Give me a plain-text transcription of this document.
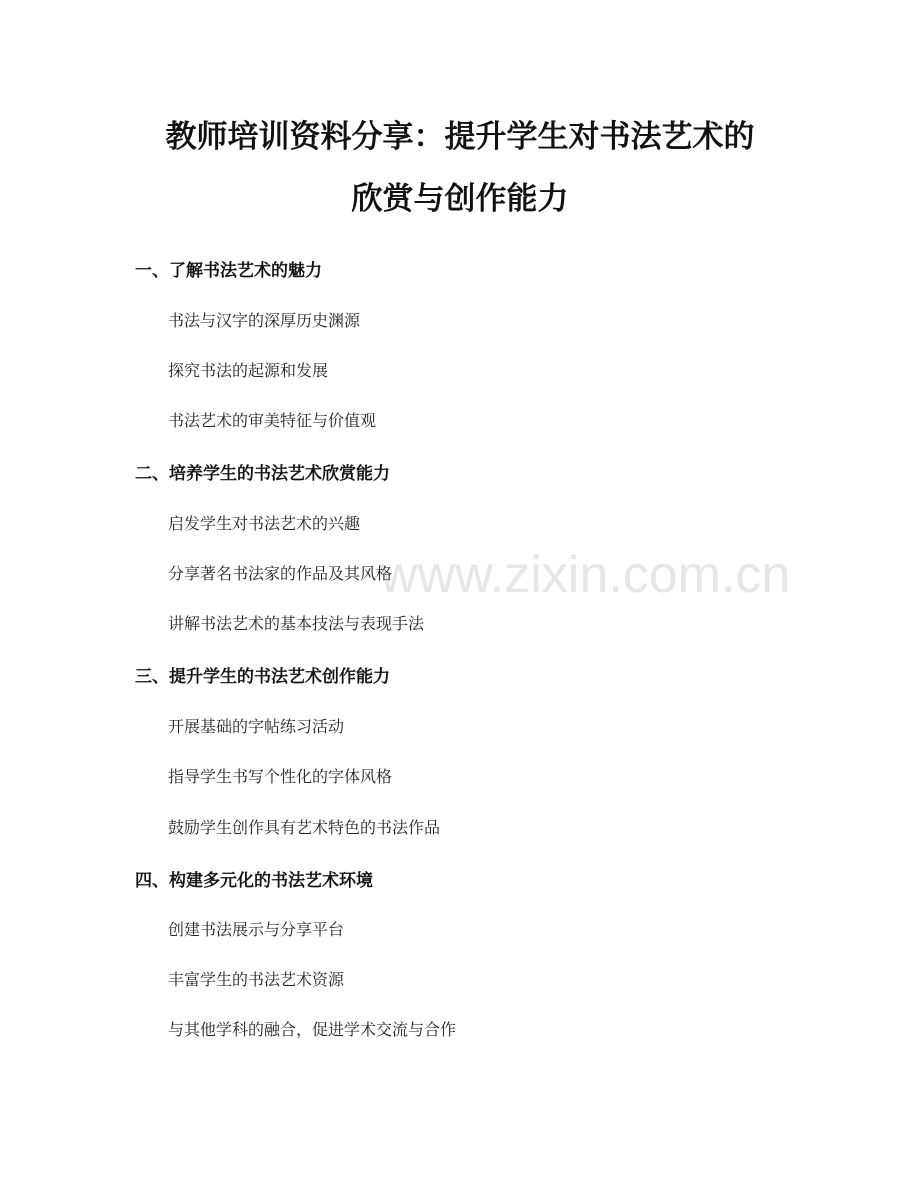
www.zixin.com.cn
教师培训资料分享：提升学生对书法艺术的
欣赏与创作能力
一、了解书法艺术的魅力

书法与汉字的深厚历史渊源

探究书法的起源和发展

书法艺术的审美特征与价值观

二、培养学生的书法艺术欣赏能力

启发学生对书法艺术的兴趣

分享著名书法家的作品及其风格

讲解书法艺术的基本技法与表现手法

三、提升学生的书法艺术创作能力

开展基础的字帖练习活动

指导学生书写个性化的字体风格

鼓励学生创作具有艺术特色的书法作品

四、构建多元化的书法艺术环境

创建书法展示与分享平台

丰富学生的书法艺术资源

与其他学科的融合，促进学术交流与合作
